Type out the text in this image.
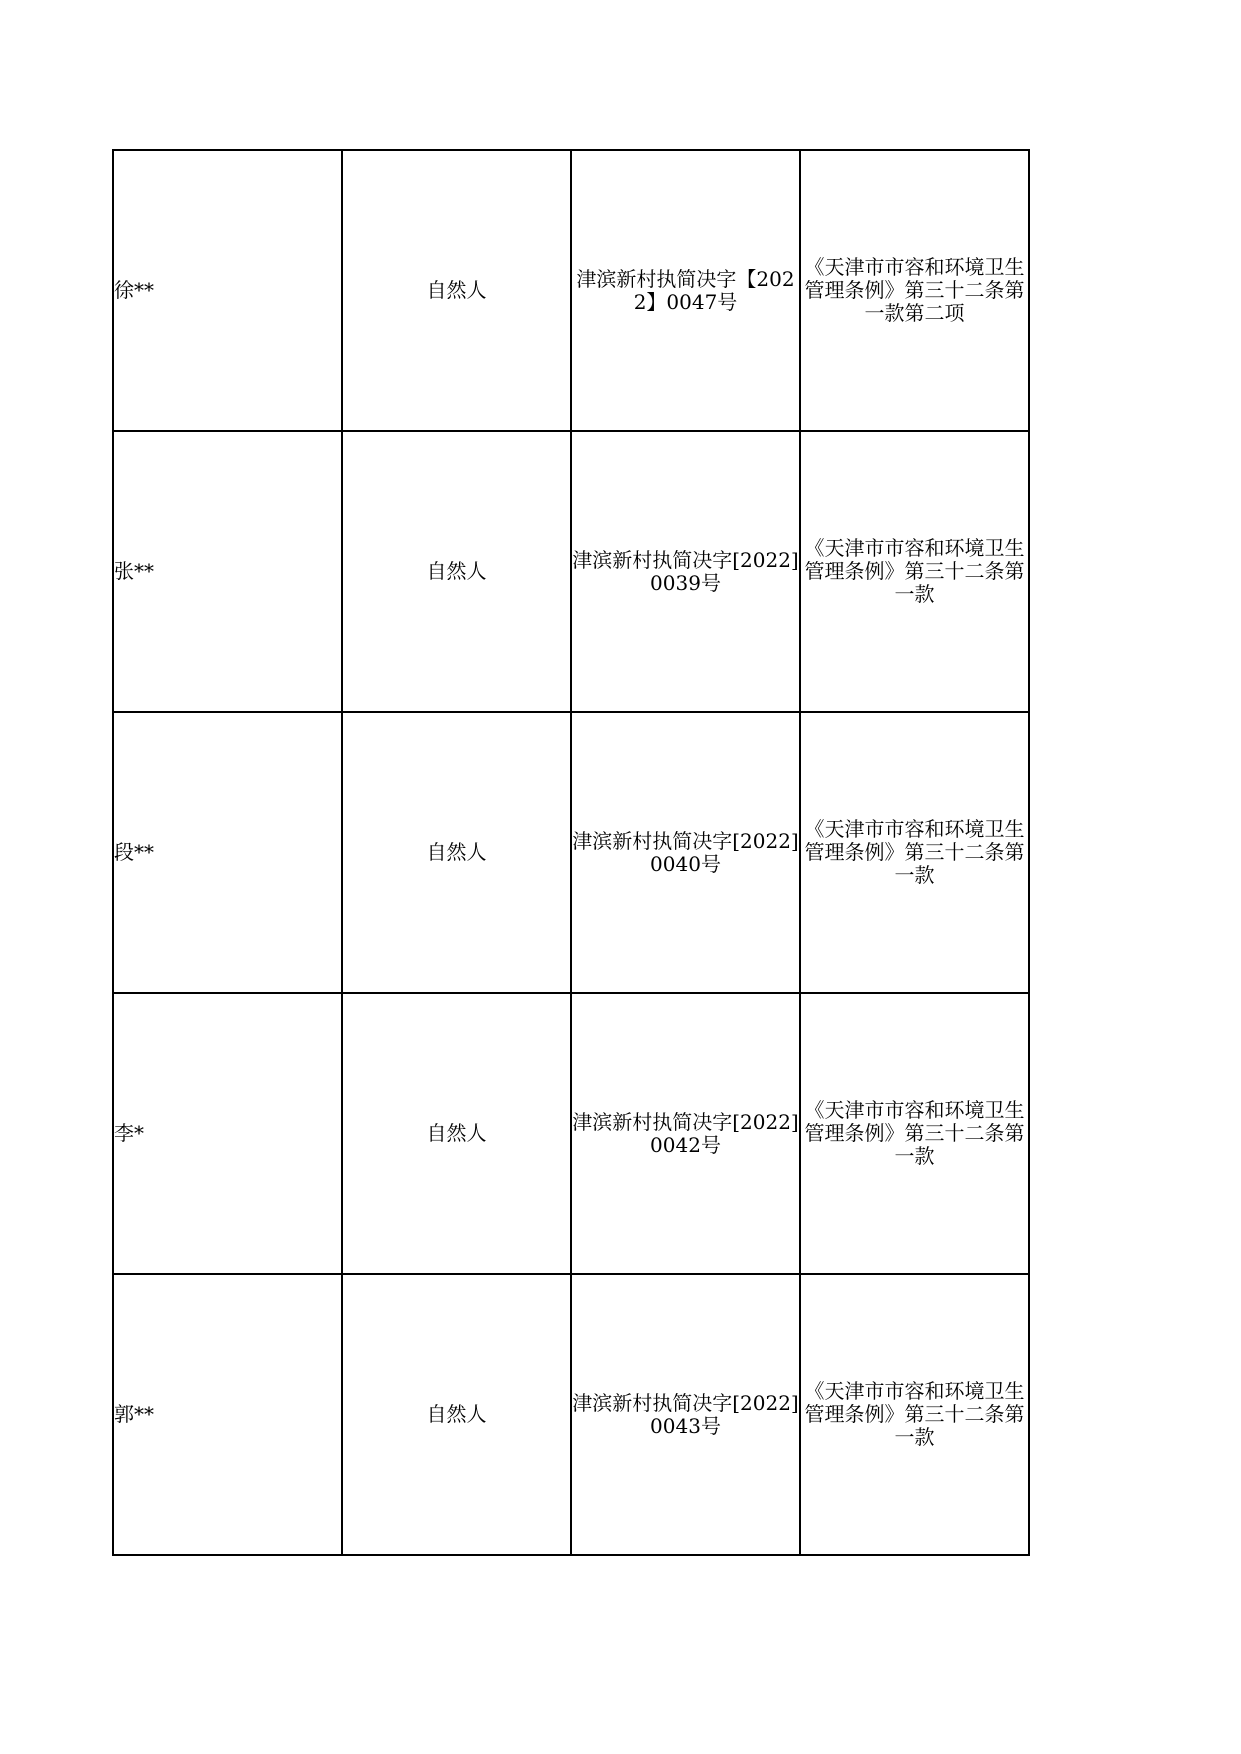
徐**	自然人	津滨新村执简决字【2022】0047号	《天津市市容和环境卫生管理条例》第三十二条第一款第二项
张**	自然人	津滨新村执简决字[2022]0039号	《天津市市容和环境卫生管理条例》第三十二条第一款
段**	自然人	津滨新村执简决字[2022]0040号	《天津市市容和环境卫生管理条例》第三十二条第一款
李*	自然人	津滨新村执简决字[2022]0042号	《天津市市容和环境卫生管理条例》第三十二条第一款
郭**	自然人	津滨新村执简决字[2022]0043号	《天津市市容和环境卫生管理条例》第三十二条第一款
